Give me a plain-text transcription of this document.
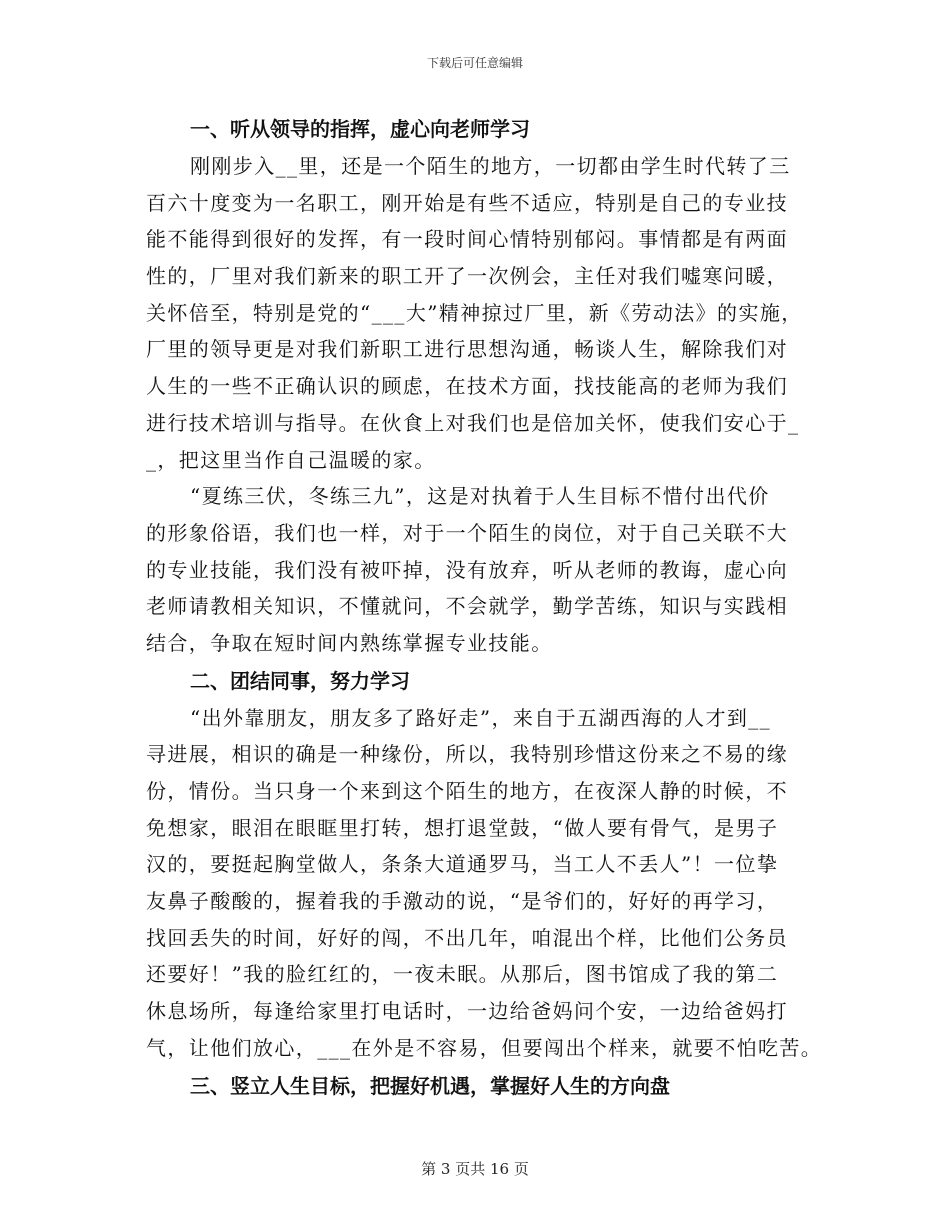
下载后可任意编辑
一、听从领导的指挥，虚心向老师学习
刚刚步入__里，还是一个陌生的地方，一切都由学生时代转了三
百六十度变为一名职工，刚开始是有些不适应，特别是自己的专业技
能不能得到很好的发挥，有一段时间心情特别郁闷。事情都是有两面
性的，厂里对我们新来的职工开了一次例会，主任对我们嘘寒问暖，
关怀倍至，特别是党的“___大”精神掠过厂里，新《劳动法》的实施，
厂里的领导更是对我们新职工进行思想沟通，畅谈人生，解除我们对
人生的一些不正确认识的顾虑，在技术方面，找技能高的老师为我们
进行技术培训与指导。在伙食上对我们也是倍加关怀，使我们安心于_
_，把这里当作自己温暖的家。
“夏练三伏，冬练三九”，这是对执着于人生目标不惜付出代价
的形象俗语，我们也一样，对于一个陌生的岗位，对于自己关联不大
的专业技能，我们没有被吓掉，没有放弃，听从老师的教诲，虚心向
老师请教相关知识，不懂就问，不会就学，勤学苦练，知识与实践相
结合，争取在短时间内熟练掌握专业技能。
二、团结同事，努力学习
“出外靠朋友，朋友多了路好走”，来自于五湖西海的人才到__
寻进展，相识的确是一种缘份，所以，我特别珍惜这份来之不易的缘
份，情份。当只身一个来到这个陌生的地方，在夜深人静的时候，不
免想家，眼泪在眼眶里打转，想打退堂鼓，“做人要有骨气，是男子
汉的，要挺起胸堂做人，条条大道通罗马，当工人不丢人”！一位挚
友鼻子酸酸的，握着我的手激动的说，“是爷们的，好好的再学习，
找回丢失的时间，好好的闯，不出几年，咱混出个样，比他们公务员
还要好！”我的脸红红的，一夜未眠。从那后，图书馆成了我的第二
休息场所，每逢给家里打电话时，一边给爸妈问个安，一边给爸妈打
气，让他们放心，___在外是不容易，但要闯出个样来，就要不怕吃苦。
三、竖立人生目标，把握好机遇，掌握好人生的方向盘
第 3 页共 16 页
